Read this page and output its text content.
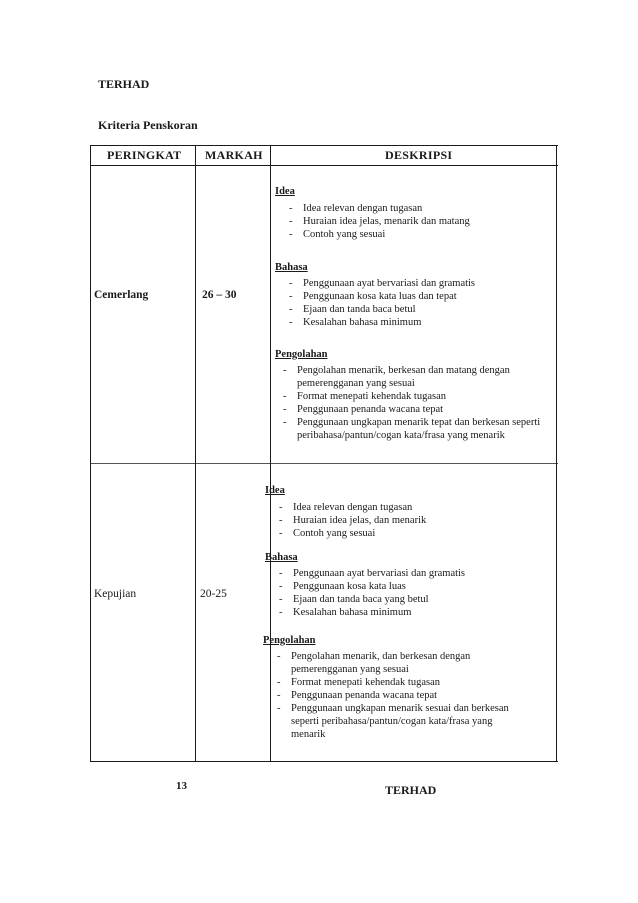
TERHAD
Kriteria Penskoran
PERINGKAT MARKAH	DESKRIPSI
Cemerlang	26 – 30
Idea
- Idea relevan dengan tugasan
- Huraian idea jelas, menarik dan matang
- Contoh yang sesuai
Bahasa
- Penggunaan ayat bervariasi dan gramatis
- Penggunaan kosa kata luas dan tepat
- Ejaan dan tanda baca betul
- Kesalahan bahasa minimum
Pengolahan
- Pengolahan menarik, berkesan dan matang dengan pemerengganan yang sesuai
- Format menepati kehendak tugasan
- Penggunaan penanda wacana tepat
- Penggunaan ungkapan menarik tepat dan berkesan seperti peribahasa/pantun/cogan kata/frasa yang menarik
Kepujian	20-25
Idea
- Idea relevan dengan tugasan
- Huraian idea jelas, dan menarik
- Contoh yang sesuai
Bahasa
- Penggunaan ayat bervariasi dan gramatis
- Penggunaan kosa kata luas
- Ejaan dan tanda baca yang betul
- Kesalahan bahasa minimum
Pengolahan
- Pengolahan menarik, dan berkesan dengan pemerengganan yang sesuai
- Format menepati kehendak tugasan
- Penggunaan penanda wacana tepat
- Penggunaan ungkapan menarik sesuai dan berkesan seperti peribahasa/pantun/cogan kata/frasa yang menarik
13	TERHAD
